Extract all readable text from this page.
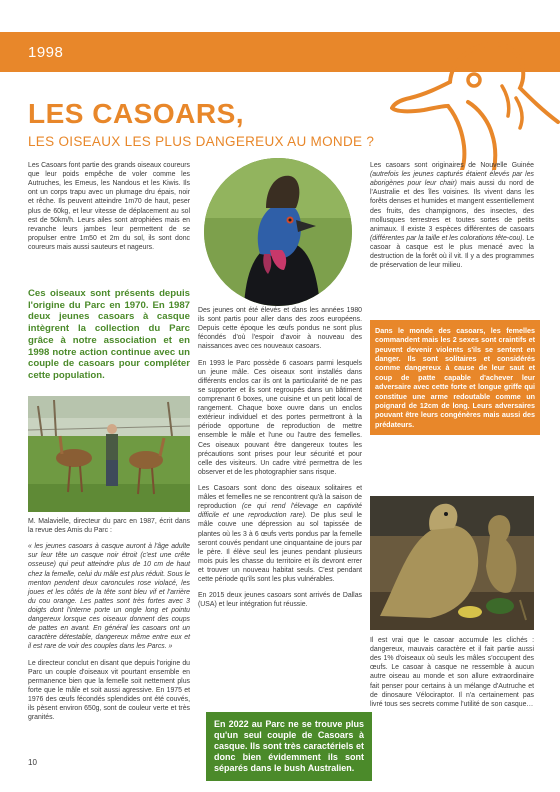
1998
LES CASOARS,
LES OISEAUX LES PLUS DANGEREUX AU MONDE ?

Les Casoars font partie des grands oiseaux coureurs que leur poids empêche de voler comme les Autruches, les Emeus, les Nandous et les Kiwis. Ils ont un corps trapu avec un plumage dru épais, noir et rêche. Ils peuvent atteindre 1m70 de haut, peser plus de 60kg, et leur vitesse de déplacement au sol est de 50km/h. Leurs ailes sont atrophiées mais en revanche leurs jambes leur permettent de se propulser entre 1m50 et 2m du sol, ils sont donc coureurs mais aussi sauteurs et nageurs.

Ces oiseaux sont présents depuis l'origine du Parc en 1970. En 1987 deux jeunes casoars à casque intègrent la collection du Parc grâce à notre association et en 1998 notre action continue avec un couple de casoars pour compléter cette population.

M. Malavielle, directeur du parc en 1987, écrit dans la revue des Amis du Parc :

« les jeunes casoars à casque auront à l'âge adulte sur leur tête un casque noir étroit (c'est une crête osseuse) qui peut atteindre plus de 10 cm de haut chez la femelle, celui du mâle est plus réduit. Sous le menton pendent deux caroncules rose violacé, les joues et les côtés de la tête sont bleu vif et l'arrière du cou orange. Les pattes sont très fortes avec 3 doigts dont l'interne porte un ongle long et pointu dangereux lorsque ces oiseaux donnent des coups de pattes en avant. En général les casoars ont un caractère détestable, dangereux même entre eux et il est rare de voir des couples dans les Parcs. »

Le directeur conclut en disant que depuis l'origine du Parc un couple d'oiseaux vit pourtant ensemble en permanence bien que la femelle soit nettement plus forte que le mâle et soit aussi agressive. En 1975 et 1976 des œufs fécondés splendides ont été couvés, ils pèsent environ 650g, sont de couleur verte et très granités.

Des jeunes ont été élevés et dans les années 1980 ils sont partis pour aller dans des zoos européens. Depuis cette époque les œufs pondus ne sont plus fécondés d'où l'espoir d'avoir à nouveau des naissances avec ces nouveaux casoars.

En 1993 le Parc possède 6 casoars parmi lesquels un jeune mâle. Ces oiseaux sont installés dans différents enclos car ils ont la particularité de ne pas se supporter et ils sont regroupés dans un bâtiment comprenant 6 boxes, une cuisine et un petit local de rangement. Chaque boxe ouvre dans un enclos extérieur individuel et des portes permettront à la période opportune de reproduction de mettre ensemble le mâle et l'une ou l'autre des femelles. Ces oiseaux pouvant être dangereux toutes les précautions sont prises pour leur sécurité et pour celle des visiteurs. Un cadre vitré permettra de les observer et de les photographier sans risque.

Les Casoars sont donc des oiseaux solitaires et mâles et femelles ne se rencontrent qu'à la saison de reproduction (ce qui rend l'élevage en captivité difficile et une reproduction rare). De plus seul le mâle couve une dépression au sol tapissée de plantes où les 3 à 6 œufs verts pondus par la femelle seront couvés pendant une cinquantaine de jours par le père. Il élève seul les jeunes pendant plusieurs mois puis les chasse du territoire et ils devront errer et trouver un nouveau habitat seuls. C'est pendant cette période qu'ils sont les plus vulnérables.

En 2015 deux jeunes casoars sont arrivés de Dallas (USA) et leur intégration fut réussie.

En 2022 au Parc ne se trouve plus qu'un seul couple de Casoars à casque. Ils sont très caractériels et donc bien évidemment ils sont séparés dans le bush Australien.

Les casoars sont originaires de Nouvelle Guinée (autrefois les jeunes capturés étaient élevés par les aborigènes pour leur chair) mais aussi du nord de l'Australie et des îles voisines. Ils vivent dans les forêts denses et humides et mangent essentiellement des fruits, des champignons, des insectes, des mollusques terrestres et toutes sortes de petits animaux. Il existe 3 espèces différentes de casoars (différentes par la taille et les colorations tête-cou). Le casoar à casque est le plus menacé avec la destruction de la forêt où il vit. Il y a des programmes de préservation de leur milieu.

Dans le monde des casoars, les femelles commandent mais les 2 sexes sont craintifs et peuvent devenir violents s'ils se sentent en danger. Ils sont solitaires et considérés comme dangereux à cause de leur saut et coup de patte capable d'achever leur adversaire avec cette forte et longue griffe qui constitue une arme redoutable comme un poignard de 12cm de long. Leurs adversaires pouvant être leurs congénères mais aussi des prédateurs.

Il est vrai que le casoar accumule les clichés : dangereux, mauvais caractère et il fait partie aussi des 1% d'oiseaux où seuls les mâles s'occupent des œufs. Le casoar à casque ne ressemble à aucun autre oiseau au monde et son allure extraordinaire fait penser pour certains à un mélange d'Autruche et de dinosaure Vélociraptor. Il n'a certainement pas livré tous ses secrets comme l'utilité de son casque…

10
